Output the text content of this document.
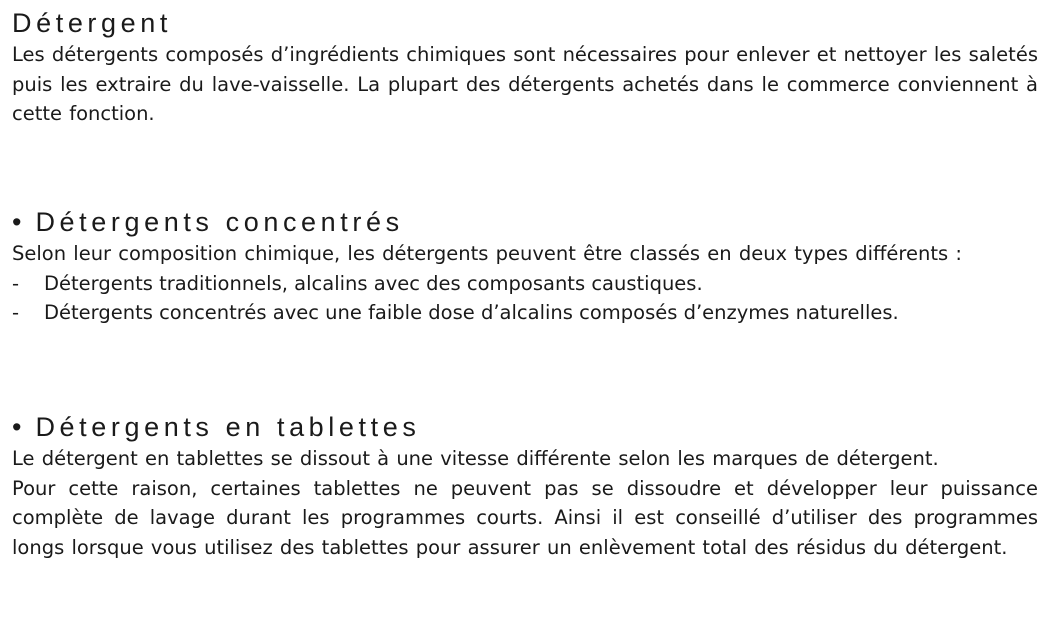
Détergent

Les détergents composés d’ingrédients chimiques sont nécessaires pour enlever et nettoyer les saletés puis les extraire du lave-vaisselle. La plupart des détergents achetés dans le commerce conviennent à cette fonction.

• Détergents concentrés

Selon leur composition chimique, les détergents peuvent être classés en deux types différents :

- Détergents traditionnels, alcalins avec des composants caustiques.
- Détergents concentrés avec une faible dose d’alcalins composés d’enzymes naturelles.
• Détergents en tablettes

Le détergent en tablettes se dissout à une vitesse différente selon les marques de détergent.

Pour cette raison, certaines tablettes ne peuvent pas se dissoudre et développer leur puissance complète de lavage durant les programmes courts. Ainsi il est conseillé d’utiliser des programmes longs lorsque vous utilisez des tablettes pour assurer un enlèvement total des résidus du détergent.
